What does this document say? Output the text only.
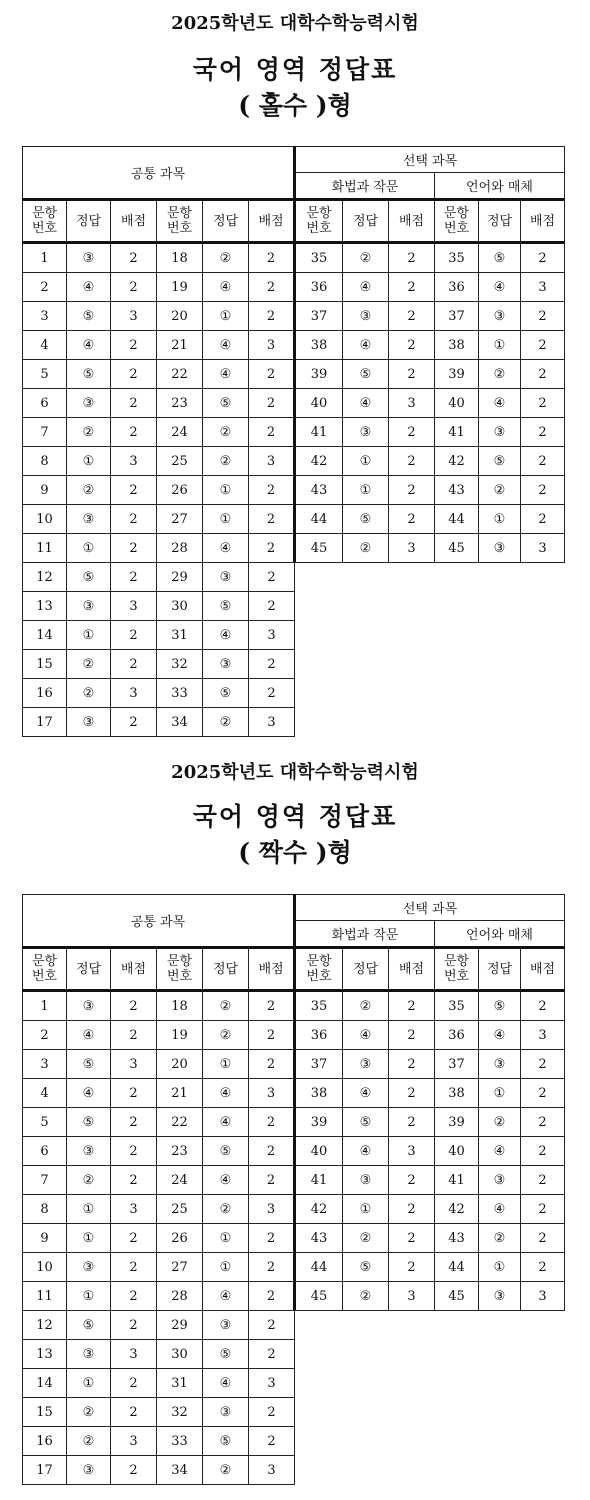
2025학년도 대학수학능력시험
국어 영역 정답표
( 홀수 )형
공통 과목						선택 과목					
						화법과 작문			언어와 매체		
문항번호	정답	배점	문항번호	정답	배점	문항번호	정답	배점	문항번호	정답	배점
1	③	2	18	②	2	35	②	2	35	⑤	2
2	④	2	19	④	2	36	④	2	36	④	3
3	⑤	3	20	①	2	37	③	2	37	③	2
4	④	2	21	④	3	38	④	2	38	①	2
5	⑤	2	22	④	2	39	⑤	2	39	②	2
6	③	2	23	⑤	2	40	④	3	40	④	2
7	②	2	24	②	2	41	③	2	41	③	2
8	①	3	25	②	3	42	①	2	42	⑤	2
9	②	2	26	①	2	43	①	2	43	②	2
10	③	2	27	①	2	44	⑤	2	44	①	2
11	①	2	28	④	2	45	②	3	45	③	3
12	⑤	2	29	③	2						
13	③	3	30	⑤	2						
14	①	2	31	④	3						
15	②	2	32	③	2						
16	②	3	33	⑤	2						
17	③	2	34	②	3						
2025학년도 대학수학능력시험
국어 영역 정답표
( 짝수 )형
공통 과목						선택 과목					
						화법과 작문			언어와 매체		
문항번호	정답	배점	문항번호	정답	배점	문항번호	정답	배점	문항번호	정답	배점
1	③	2	18	②	2	35	②	2	35	⑤	2
2	④	2	19	②	2	36	④	2	36	④	3
3	⑤	3	20	①	2	37	③	2	37	③	2
4	④	2	21	④	3	38	④	2	38	①	2
5	⑤	2	22	④	2	39	⑤	2	39	②	2
6	③	2	23	⑤	2	40	④	3	40	④	2
7	②	2	24	④	2	41	③	2	41	③	2
8	①	3	25	②	3	42	①	2	42	④	2
9	①	2	26	①	2	43	②	2	43	②	2
10	③	2	27	①	2	44	⑤	2	44	①	2
11	①	2	28	④	2	45	②	3	45	③	3
12	⑤	2	29	③	2						
13	③	3	30	⑤	2						
14	①	2	31	④	3						
15	②	2	32	③	2						
16	②	3	33	⑤	2						
17	③	2	34	②	3						
